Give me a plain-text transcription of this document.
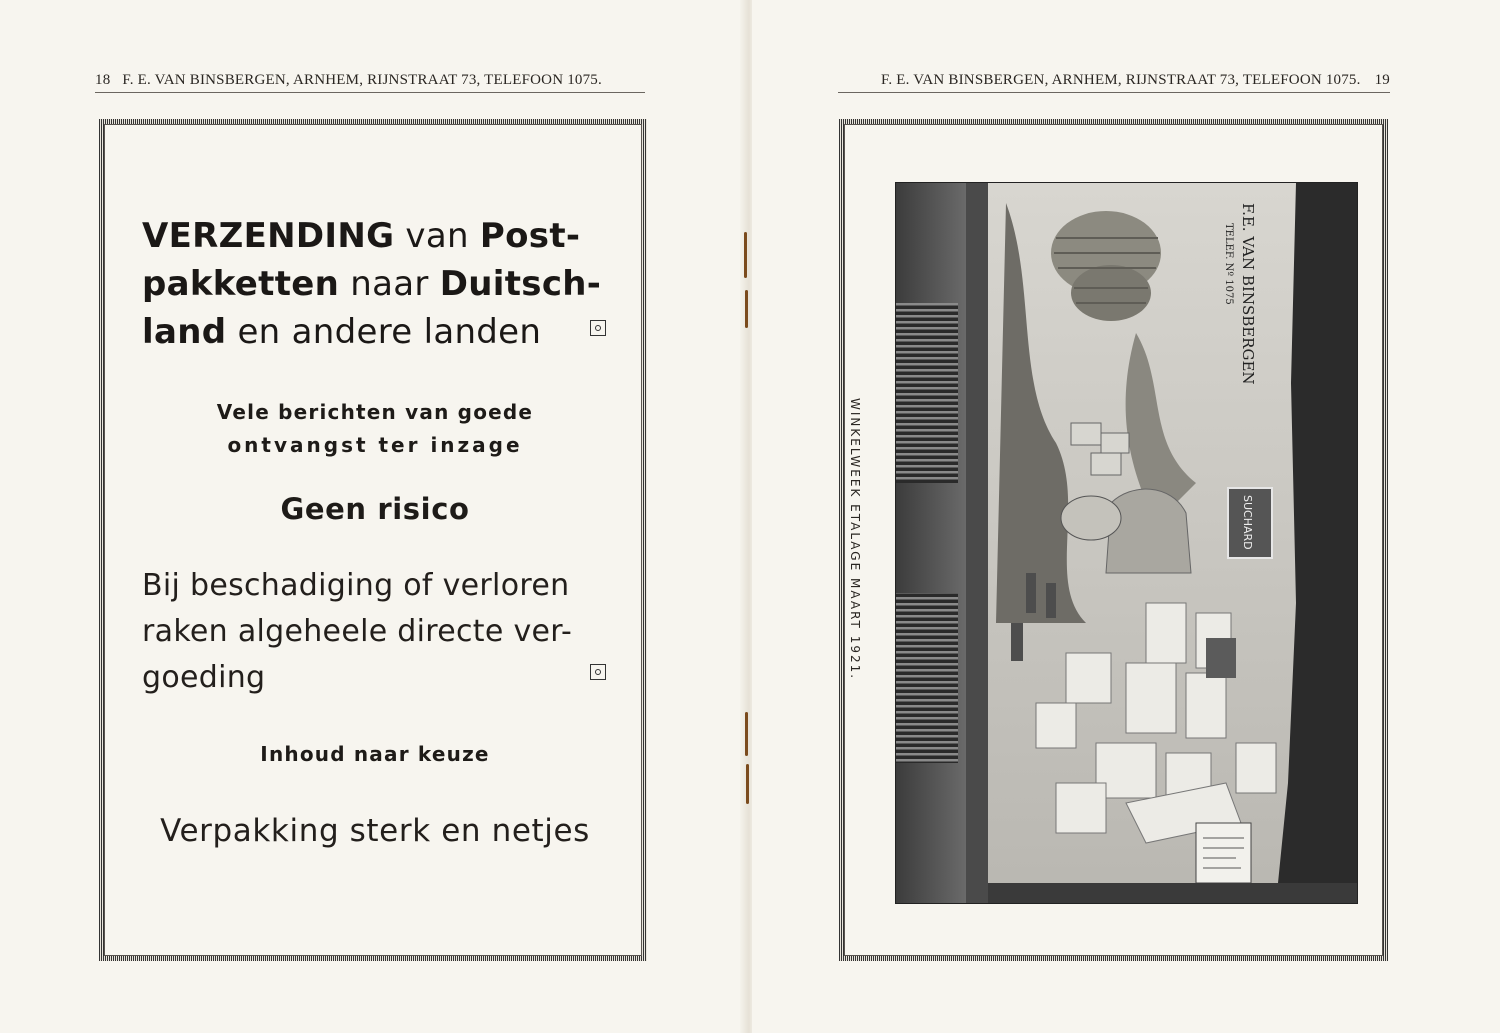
18 F. E. VAN BINSBERGEN, ARNHEM, RIJNSTRAAT 73, TELEFOON 1075.
VERZENDING van Post-
pakketten naar Duitsch-
land en andere landen
Vele berichten van goede
ontvangst ter inzage
Geen risico
Bij beschadiging of verloren
raken algeheele directe ver-
goeding
Inhoud naar keuze
Verpakking sterk en netjes
F. E. VAN BINSBERGEN, ARNHEM, RIJNSTRAAT 73, TELEFOON 1075. 19
WINKELWEEK ETALAGE MAART 1921.
F.E. VAN BINSBERGEN
TELEF. Nº 1075
SUCHARD
